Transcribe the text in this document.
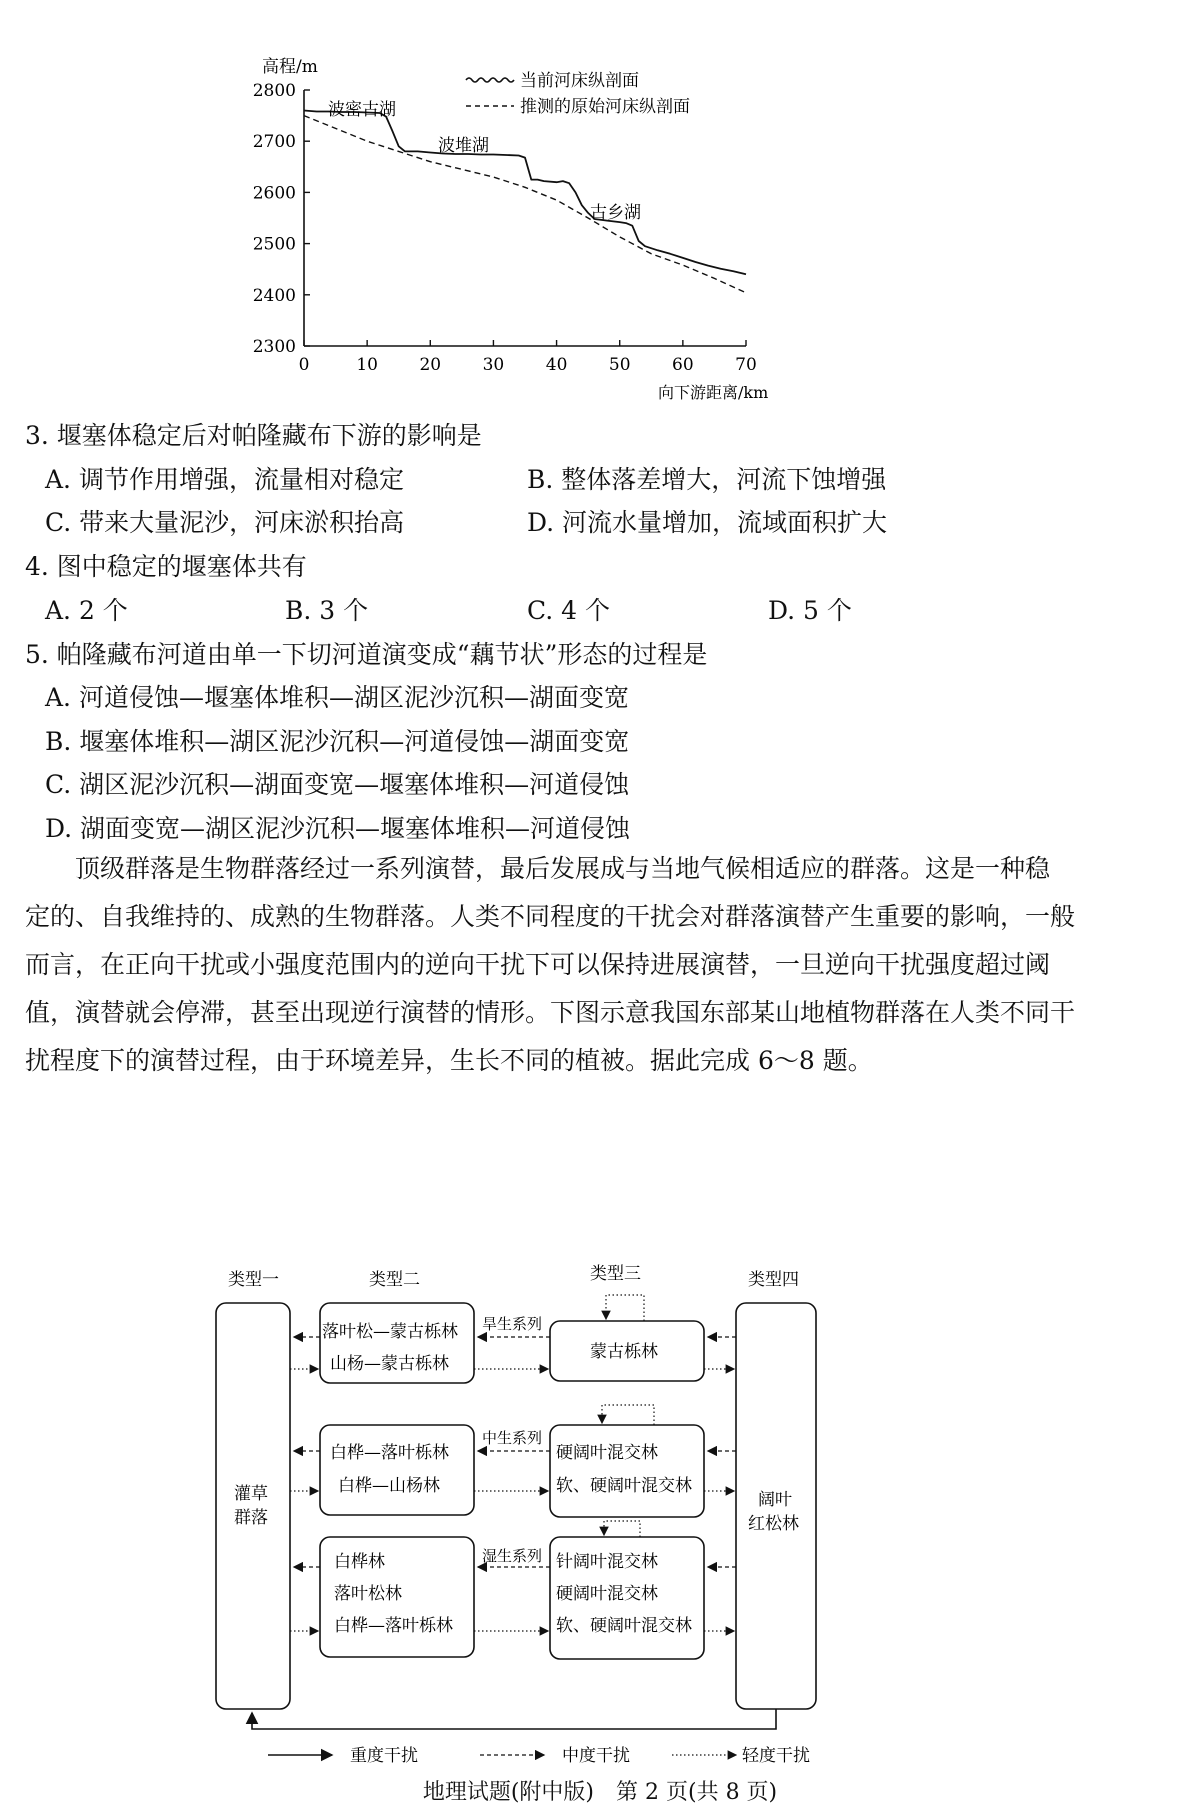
高程/m
2800
2700
2600
2500
2400
2300
0	10 20 30 40 50 60 70
向下游距离/km
当前河床纵剖面
推测的原始河床纵剖面
波密古湖
波堆湖
古乡湖
3. 堰塞体稳定后对帕隆藏布下游的影响是
A. 调节作用增强，流量相对稳定	B. 整体落差增大，河流下蚀增强
C. 带来大量泥沙，河床淤积抬高	D. 河流水量增加，流域面积扩大
4. 图中稳定的堰塞体共有
A. 2 个	B. 3 个	C. 4 个	D. 5 个
5. 帕隆藏布河道由单一下切河道演变成“藕节状”形态的过程是
A. 河道侵蚀—堰塞体堆积—湖区泥沙沉积—湖面变宽
B. 堰塞体堆积—湖区泥沙沉积—河道侵蚀—湖面变宽
C. 湖区泥沙沉积—湖面变宽—堰塞体堆积—河道侵蚀
D. 湖面变宽—湖区泥沙沉积—堰塞体堆积—河道侵蚀

　　顶级群落是生物群落经过一系列演替，最后发展成与当地气候相适应的群落。这是一种稳

定的、自我维持的、成熟的生物群落。人类不同程度的干扰会对群落演替产生重要的影响，一般

而言，在正向干扰或小强度范围内的逆向干扰下可以保持进展演替，一旦逆向干扰强度超过阈

值，演替就会停滞，甚至出现逆行演替的情形。下图示意我国东部某山地植物群落在人类不同干

扰程度下的演替过程，由于环境差异，生长不同的植被。据此完成 6～8 题。

类型一	类型二	类型三	类型四
灌草
群落
阔叶
红松林
落叶松—蒙古栎林
山杨—蒙古栎林
白桦—落叶栎林
白桦—山杨林
白桦林
落叶松林
白桦—落叶栎林
蒙古栎林
硬阔叶混交林
软、硬阔叶混交林
针阔叶混交林
硬阔叶混交林
软、硬阔叶混交林
旱生系列
中生系列
湿生系列
重度干扰	中度干扰	轻度干扰
地理试题(附中版)　第 2 页(共 8 页)
